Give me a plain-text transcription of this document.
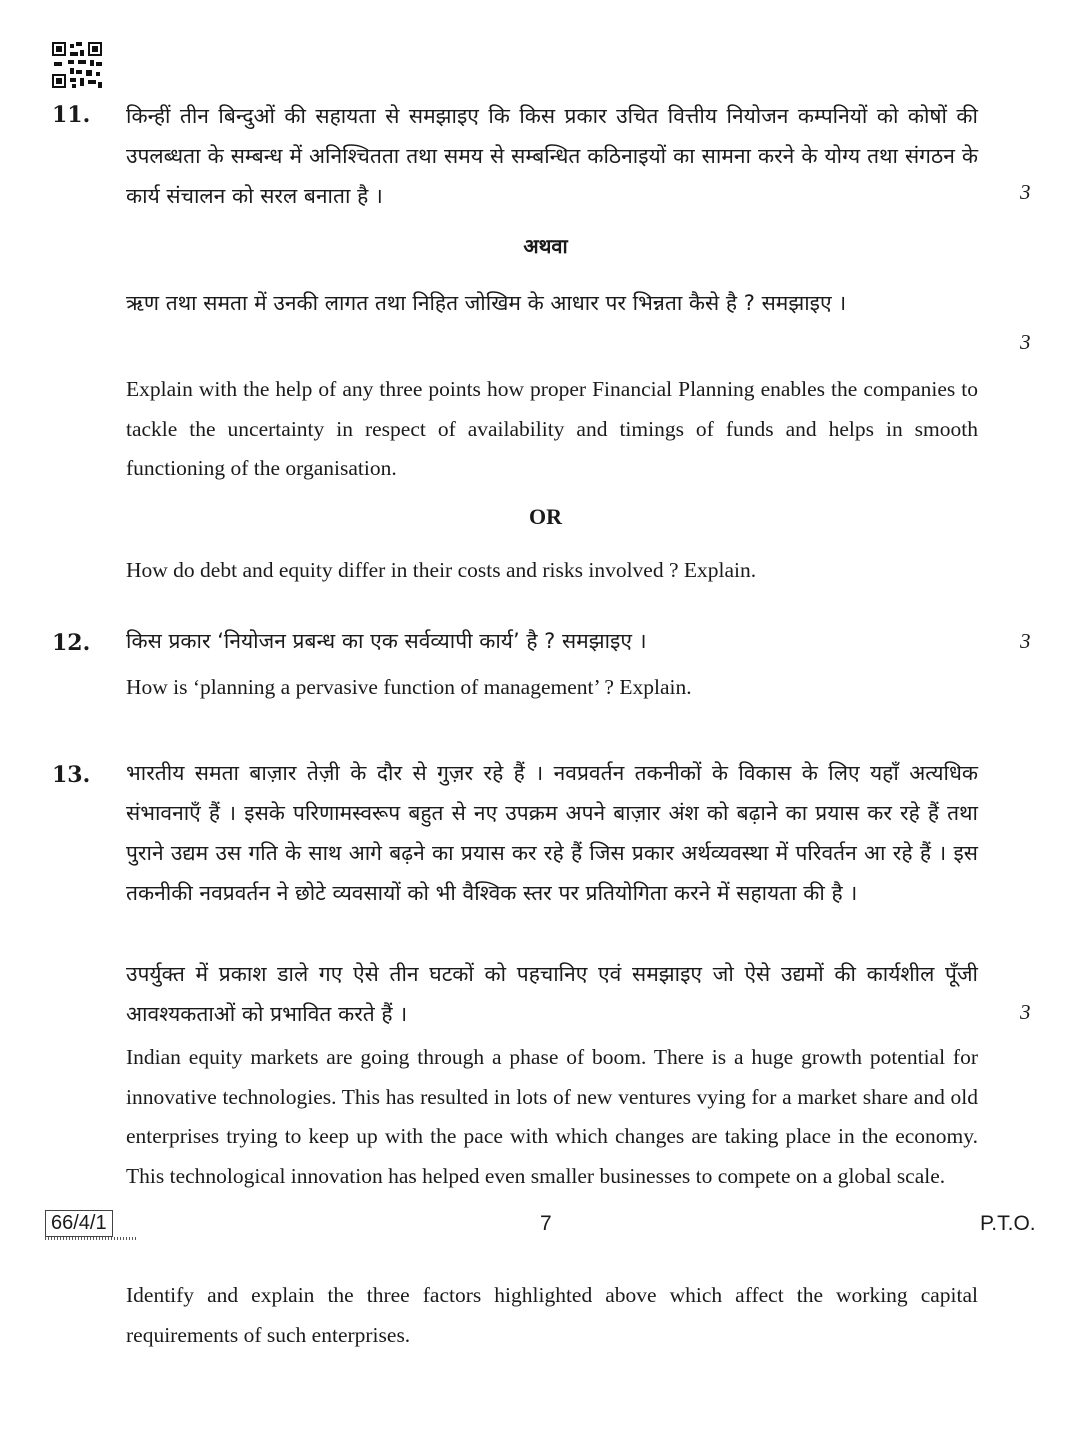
11. किन्हीं तीन बिन्दुओं की सहायता से समझाइए कि किस प्रकार उचित वित्तीय नियोजन कम्पनियों को कोषों की उपलब्धता के सम्बन्ध में अनिश्चितता तथा समय से सम्बन्धित कठिनाइयों का सामना करने के योग्य तथा संगठन के कार्य संचालन को सरल बनाता है ।	3
अथवा
ऋण तथा समता में उनकी लागत तथा निहित जोखिम के आधार पर भिन्नता कैसे है ? समझाइए ।
3
Explain with the help of any three points how proper Financial Planning enables the companies to tackle the uncertainty in respect of availability and timings of funds and helps in smooth functioning of the organisation.
OR
How do debt and equity differ in their costs and risks involved ? Explain.
12. किस प्रकार ‘नियोजन प्रबन्ध का एक सर्वव्यापी कार्य’ है ? समझाइए ।	3
How is ‘planning a pervasive function of management’ ? Explain.
13. भारतीय समता बाज़ार तेज़ी के दौर से गुज़र रहे हैं । नवप्रवर्तन तकनीकों के विकास के लिए यहाँ अत्यधिक संभावनाएँ हैं । इसके परिणामस्वरूप बहुत से नए उपक्रम अपने बाज़ार अंश को बढ़ाने का प्रयास कर रहे हैं तथा पुराने उद्यम उस गति के साथ आगे बढ़ने का प्रयास कर रहे हैं जिस प्रकार अर्थव्यवस्था में परिवर्तन आ रहे हैं । इस तकनीकी नवप्रवर्तन ने छोटे व्यवसायों को भी वैश्विक स्तर पर प्रतियोगिता करने में सहायता की है ।
उपर्युक्त में प्रकाश डाले गए ऐसे तीन घटकों को पहचानिए एवं समझाइए जो ऐसे उद्यमों की कार्यशील पूँजी आवश्यकताओं को प्रभावित करते हैं ।	3
Indian equity markets are going through a phase of boom. There is a huge growth potential for innovative technologies. This has resulted in lots of new ventures vying for a market share and old enterprises trying to keep up with the pace with which changes are taking place in the economy. This technological innovation has helped even smaller businesses to compete on a global scale.
Identify and explain the three factors highlighted above which affect the working capital requirements of such enterprises.
66/4/1	7	P.T.O.
